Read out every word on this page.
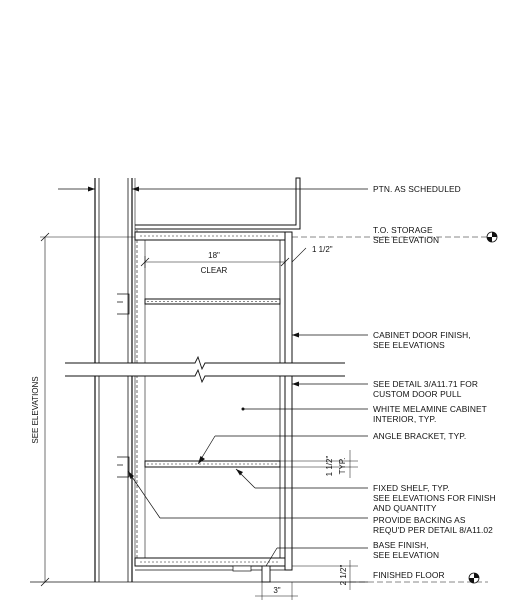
18"
CLEAR
1 1/2"
SEE ELEVATIONS
1 1/2" TYP.
2 1/2"
3"
PTN. AS SCHEDULED
T.O. STORAGE
SEE ELEVATION
CABINET DOOR FINISH,
SEE ELEVATIONS
SEE DETAIL 3/A11.71 FOR
CUSTOM DOOR PULL
WHITE MELAMINE CABINET
INTERIOR, TYP.
ANGLE BRACKET, TYP.
FIXED SHELF, TYP.
SEE ELEVATIONS FOR FINISH
AND QUANTITY
PROVIDE BACKING AS
REQU'D PER DETAIL 8/A11.02
BASE FINISH,
SEE ELEVATION
FINISHED FLOOR
